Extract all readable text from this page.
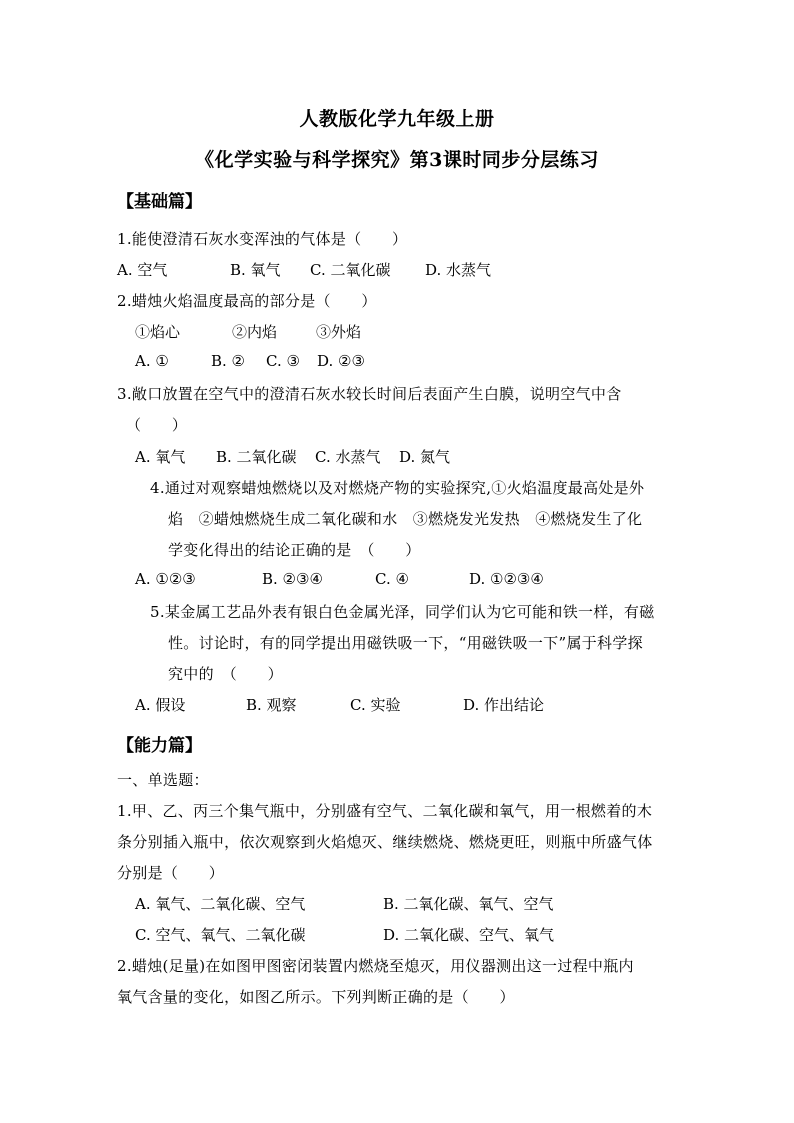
人教版化学九年级上册
《化学实验与科学探究》第3课时同步分层练习
【基础篇】
1.能使澄清石灰水变浑浊的气体是（　　）
A. 空气	B. 氧气 C. 二氧化碳 D. 水蒸气
2.蜡烛火焰温度最高的部分是（　　）
①焰心	②内焰	③外焰
A. ①	B. ② C. ③ D. ②③
3.敞口放置在空气中的澄清石灰水较长时间后表面产生白膜，说明空气中含
（　　）
A. 氧气 B. 二氧化碳 C. 水蒸气 D. 氮气
4.通过对观察蜡烛燃烧以及对燃烧产物的实验探究,①火焰温度最高处是外
焰　②蜡烛燃烧生成二氧化碳和水　③燃烧发光发热　④燃烧发生了化
学变化得出的结论正确的是　（　　）
A. ①②③	B. ②③④	C. ④	D. ①②③④
5.某金属工艺品外表有银白色金属光泽，同学们认为它可能和铁一样，有磁
性。讨论时，有的同学提出用磁铁吸一下，“用磁铁吸一下”属于科学探
究中的　（　　）
A. 假设	B. 观察	C. 实验	D. 作出结论
【能力篇】
一、单选题：
1.甲、乙、丙三个集气瓶中，分别盛有空气、二氧化碳和氧气，用一根燃着的木
条分别插入瓶中，依次观察到火焰熄灭、继续燃烧、燃烧更旺，则瓶中所盛气体
分别是（　　）
A. 氧气、二氧化碳、空气	B. 二氧化碳、氧气、空气
C. 空气、氧气、二氧化碳	D. 二氧化碳、空气、氧气
2.蜡烛(足量)在如图甲图密闭装置内燃烧至熄灭，用仪器测出这一过程中瓶内
氧气含量的变化，如图乙所示。下列判断正确的是（　　）
